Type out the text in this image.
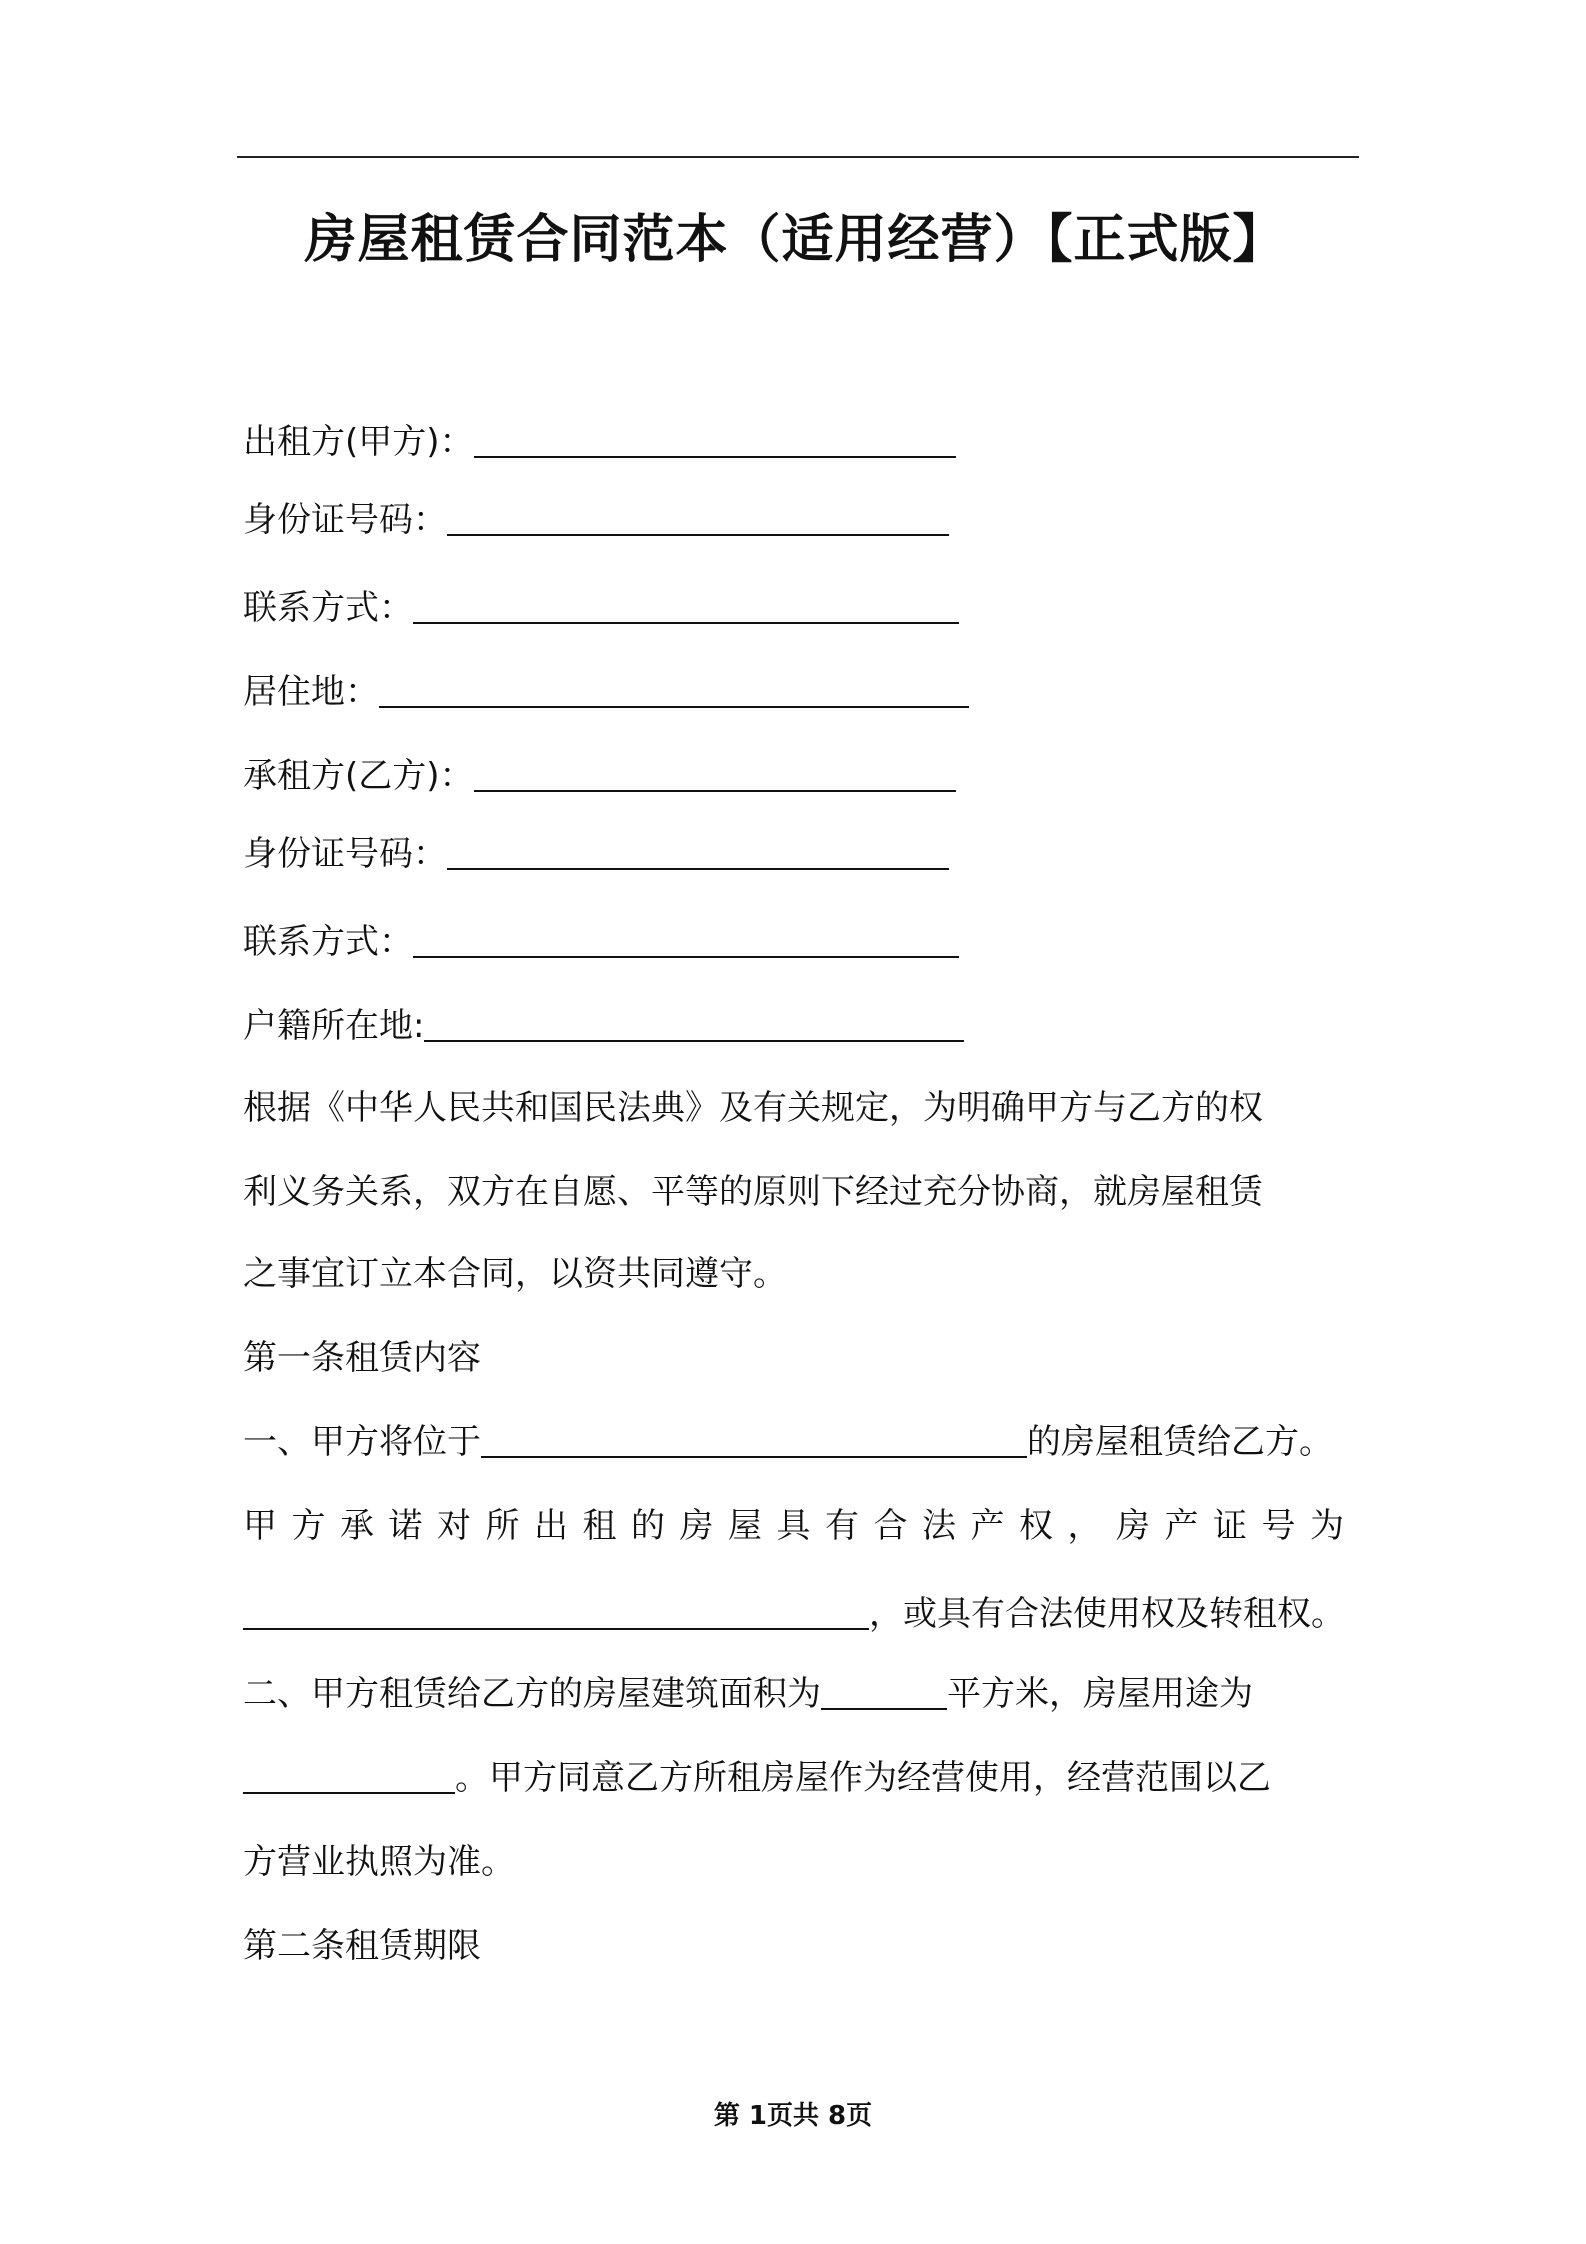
房屋租赁合同范本（适用经营）【正式版】
出租方(甲方)：
身份证号码：
联系方式：
居住地：
承租方(乙方)：
身份证号码：
联系方式：
户籍所在地:
根据《中华人民共和国民法典》及有关规定，为明确甲方与乙方的权
利义务关系，双方在自愿、平等的原则下经过充分协商，就房屋租赁
之事宜订立本合同，以资共同遵守。
第一条租赁内容
一、甲方将位于	的房屋租赁给乙方。
甲方承诺对所出租的房屋具有合法产权，房产证号为
，或具有合法使用权及转租权。
二、甲方租赁给乙方的房屋建筑面积为	平方米，房屋用途为
。甲方同意乙方所租房屋作为经营使用，经营范围以乙
方营业执照为准。
第二条租赁期限
第 1页共 8页
